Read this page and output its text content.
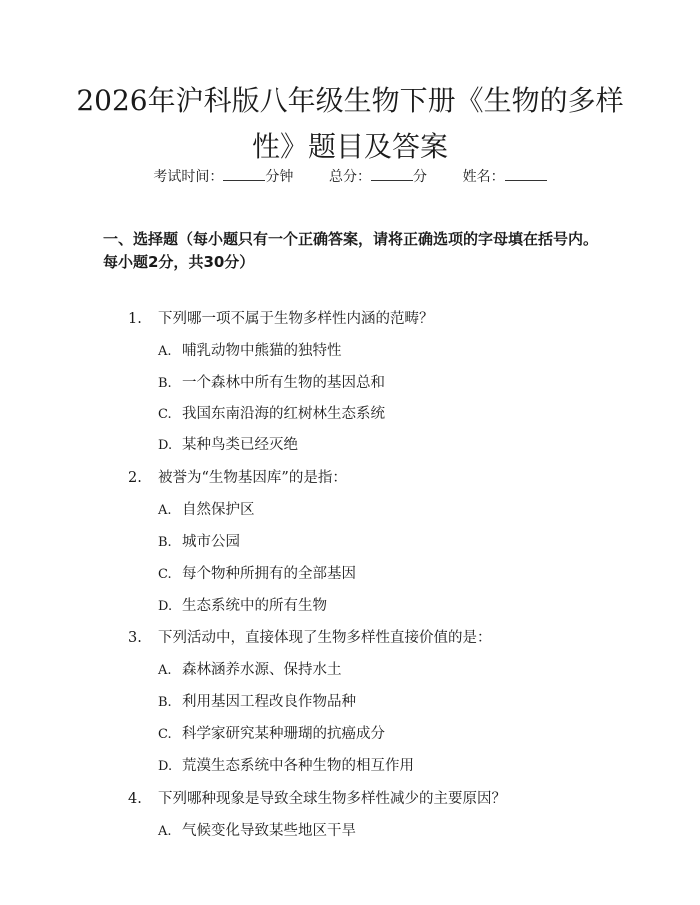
2026年沪科版八年级生物下册《生物的多样性》题目及答案
考试时间：	分钟	总分：	分	姓名：
一、选择题（每小题只有一个正确答案，请将正确选项的字母填在括号内。每小题2分，共30分）
1. 下列哪一项不属于生物多样性内涵的范畴？
A. 哺乳动物中熊猫的独特性
B. 一个森林中所有生物的基因总和
C. 我国东南沿海的红树林生态系统
D. 某种鸟类已经灭绝
2. 被誉为“生物基因库”的是指：
A. 自然保护区
B. 城市公园
C. 每个物种所拥有的全部基因
D. 生态系统中的所有生物
3. 下列活动中，直接体现了生物多样性直接价值的是：
A. 森林涵养水源、保持水土
B. 利用基因工程改良作物品种
C. 科学家研究某种珊瑚的抗癌成分
D. 荒漠生态系统中各种生物的相互作用
4. 下列哪种现象是导致全球生物多样性减少的主要原因？
A. 气候变化导致某些地区干旱
